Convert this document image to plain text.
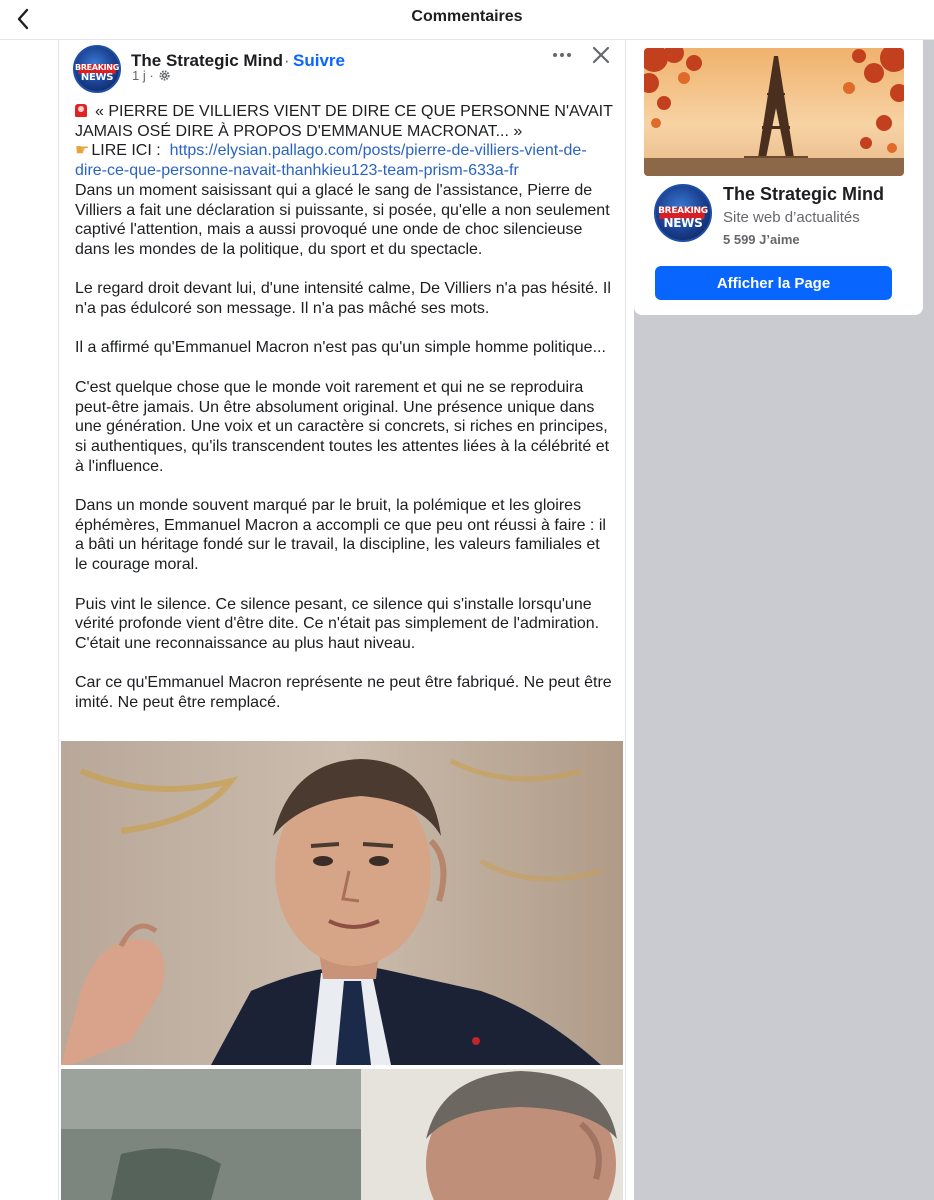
Commentaires
BREAKING
NEWS
The Strategic Mind · Suivre
1 j ·
« PIERRE DE VILLIERS VIENT DE DIRE CE QUE PERSONNE N'AVAIT JAMAIS OSÉ DIRE À PROPOS D'EMMANUE MACRONAT... »
☛ LIRE ICI : https://elysian.pallago.com/posts/pierre-de-villiers-vient-de-dire-ce-que-personne-navait-thanhkieu123-team-prism-633a-fr

Dans un moment saisissant qui a glacé le sang de l'assistance, Pierre de Villiers a fait une déclaration si puissante, si posée, qu'elle a non seulement captivé l'attention, mais a aussi provoqué une onde de choc silencieuse dans les mondes de la politique, du sport et du spectacle.

Le regard droit devant lui, d'une intensité calme, De Villiers n'a pas hésité. Il n'a pas édulcoré son message. Il n'a pas mâché ses mots.

Il a affirmé qu'Emmanuel Macron n'est pas qu'un simple homme politique...

C'est quelque chose que le monde voit rarement et qui ne se reproduira peut-être jamais. Un être absolument original. Une présence unique dans une génération. Une voix et un caractère si concrets, si riches en principes, si authentiques, qu'ils transcendent toutes les attentes liées à la célébrité et à l'influence.

Dans un monde souvent marqué par le bruit, la polémique et les gloires éphémères, Emmanuel Macron a accompli ce que peu ont réussi à faire : il a bâti un héritage fondé sur le travail, la discipline, les valeurs familiales et le courage moral.

Puis vint le silence. Ce silence pesant, ce silence qui s'installe lorsqu'une vérité profonde vient d'être dite. Ce n'était pas simplement de l'admiration. C'était une reconnaissance au plus haut niveau.

Car ce qu'Emmanuel Macron représente ne peut être fabriqué. Ne peut être imité. Ne peut être remplacé.

BREAKING
NEWS
The Strategic Mind
Site web d’actualités
5 599 J’aime
Afficher la Page
